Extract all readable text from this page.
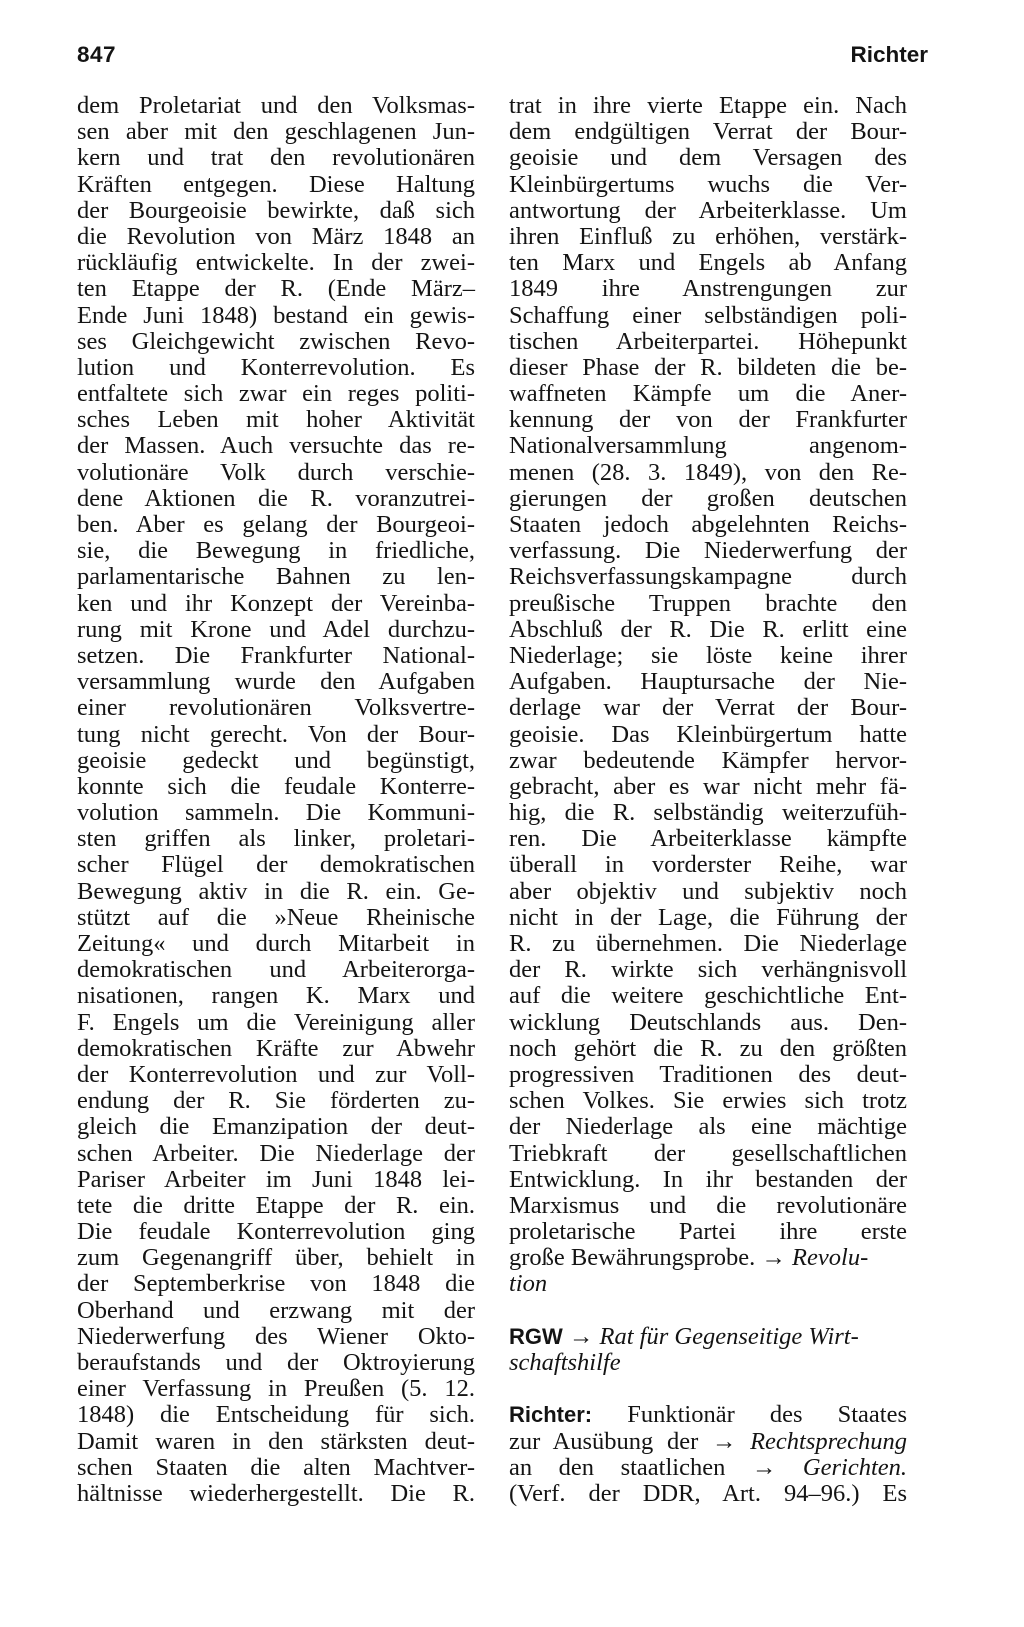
847	Richter
dem Proletariat und den Volksmas-
sen aber mit den geschlagenen Jun-
kern und trat den revolutionären
Kräften entgegen. Diese Haltung
der Bourgeoisie bewirkte, daß sich
die Revolution von März 1848 an
rückläufig entwickelte. In der zwei-
ten Etappe der R. (Ende März–
Ende Juni 1848) bestand ein gewis-
ses Gleichgewicht zwischen Revo-
lution und Konterrevolution. Es
entfaltete sich zwar ein reges politi-
sches Leben mit hoher Aktivität
der Massen. Auch versuchte das re-
volutionäre Volk durch verschie-
dene Aktionen die R. voranzutrei-
ben. Aber es gelang der Bourgeoi-
sie, die Bewegung in friedliche,
parlamentarische Bahnen zu len-
ken und ihr Konzept der Vereinba-
rung mit Krone und Adel durchzu-
setzen. Die Frankfurter National-
versammlung wurde den Aufgaben
einer revolutionären Volksvertre-
tung nicht gerecht. Von der Bour-
geoisie gedeckt und begünstigt,
konnte sich die feudale Konterre-
volution sammeln. Die Kommuni-
sten griffen als linker, proletari-
scher Flügel der demokratischen
Bewegung aktiv in die R. ein. Ge-
stützt auf die »Neue Rheinische
Zeitung« und durch Mitarbeit in
demokratischen und Arbeiterorga-
nisationen, rangen K. Marx und
F. Engels um die Vereinigung aller
demokratischen Kräfte zur Abwehr
der Konterrevolution und zur Voll-
endung der R. Sie förderten zu-
gleich die Emanzipation der deut-
schen Arbeiter. Die Niederlage der
Pariser Arbeiter im Juni 1848 lei-
tete die dritte Etappe der R. ein.
Die feudale Konterrevolution ging
zum Gegenangriff über, behielt in
der Septemberkrise von 1848 die
Oberhand und erzwang mit der
Niederwerfung des Wiener Okto-
beraufstands und der Oktroyierung
einer Verfassung in Preußen (5. 12.
1848) die Entscheidung für sich.
Damit waren in den stärksten deut-
schen Staaten die alten Machtver-
hältnisse wiederhergestellt. Die R.
trat in ihre vierte Etappe ein. Nach
dem endgültigen Verrat der Bour-
geoisie und dem Versagen des
Kleinbürgertums wuchs die Ver-
antwortung der Arbeiterklasse. Um
ihren Einfluß zu erhöhen, verstärk-
ten Marx und Engels ab Anfang
1849 ihre Anstrengungen zur
Schaffung einer selbständigen poli-
tischen Arbeiterpartei. Höhepunkt
dieser Phase der R. bildeten die be-
waffneten Kämpfe um die Aner-
kennung der von der Frankfurter
Nationalversammlung angenom-
menen (28. 3. 1849), von den Re-
gierungen der großen deutschen
Staaten jedoch abgelehnten Reichs-
verfassung. Die Niederwerfung der
Reichsverfassungskampagne durch
preußische Truppen brachte den
Abschluß der R. Die R. erlitt eine
Niederlage; sie löste keine ihrer
Aufgaben. Hauptursache der Nie-
derlage war der Verrat der Bour-
geoisie. Das Kleinbürgertum hatte
zwar bedeutende Kämpfer hervor-
gebracht, aber es war nicht mehr fä-
hig, die R. selbständig weiterzufüh-
ren. Die Arbeiterklasse kämpfte
überall in vorderster Reihe, war
aber objektiv und subjektiv noch
nicht in der Lage, die Führung der
R. zu übernehmen. Die Niederlage
der R. wirkte sich verhängnisvoll
auf die weitere geschichtliche Ent-
wicklung Deutschlands aus. Den-
noch gehört die R. zu den größten
progressiven Traditionen des deut-
schen Volkes. Sie erwies sich trotz
der Niederlage als eine mächtige
Triebkraft der gesellschaftlichen
Entwicklung. In ihr bestanden der
Marxismus und die revolutionäre
proletarische Partei ihre erste
große Bewährungsprobe. → Revolu-
tion
RGW → Rat für Gegenseitige Wirt-
schaftshilfe
Richter: Funktionär des Staates
zur Ausübung der → Rechtsprechung
an den staatlichen → Gerichten.
(Verf. der DDR, Art. 94–96.) Es
